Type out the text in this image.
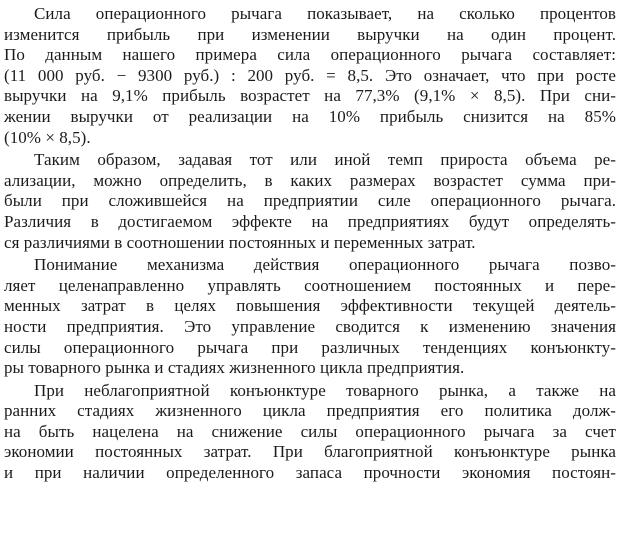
Сила операционного рычага показывает, на сколько процентов
изменится прибыль при изменении выручки на один процент.
По данным нашего примера сила операционного рычага составляет:
(11 000 руб. − 9300 руб.) : 200 руб. = 8,5. Это означает, что при росте
выручки на 9,1% прибыль возрастет на 77,3% (9,1% × 8,5). При сни-
жении выручки от реализации на 10% прибыль снизится на 85%
(10% × 8,5).

Таким образом, задавая тот или иной темп прироста объема ре-
ализации, можно определить, в каких размерах возрастет сумма при-
были при сложившейся на предприятии силе операционного рычага.
Различия в достигаемом эффекте на предприятиях будут определять-
ся различиями в соотношении постоянных и переменных затрат.

Понимание механизма действия операционного рычага позво-
ляет целенаправленно управлять соотношением постоянных и пере-
менных затрат в целях повышения эффективности текущей деятель-
ности предприятия. Это управление сводится к изменению значения
силы операционного рычага при различных тенденциях конъюнкту-
ры товарного рынка и стадиях жизненного цикла предприятия.

При неблагоприятной конъюнктуре товарного рынка, а также на
ранних стадиях жизненного цикла предприятия его политика долж-
на быть нацелена на снижение силы операционного рычага за счет
экономии постоянных затрат. При благоприятной конъюнктуре рынка
и при наличии определенного запаса прочности экономия постоян-
